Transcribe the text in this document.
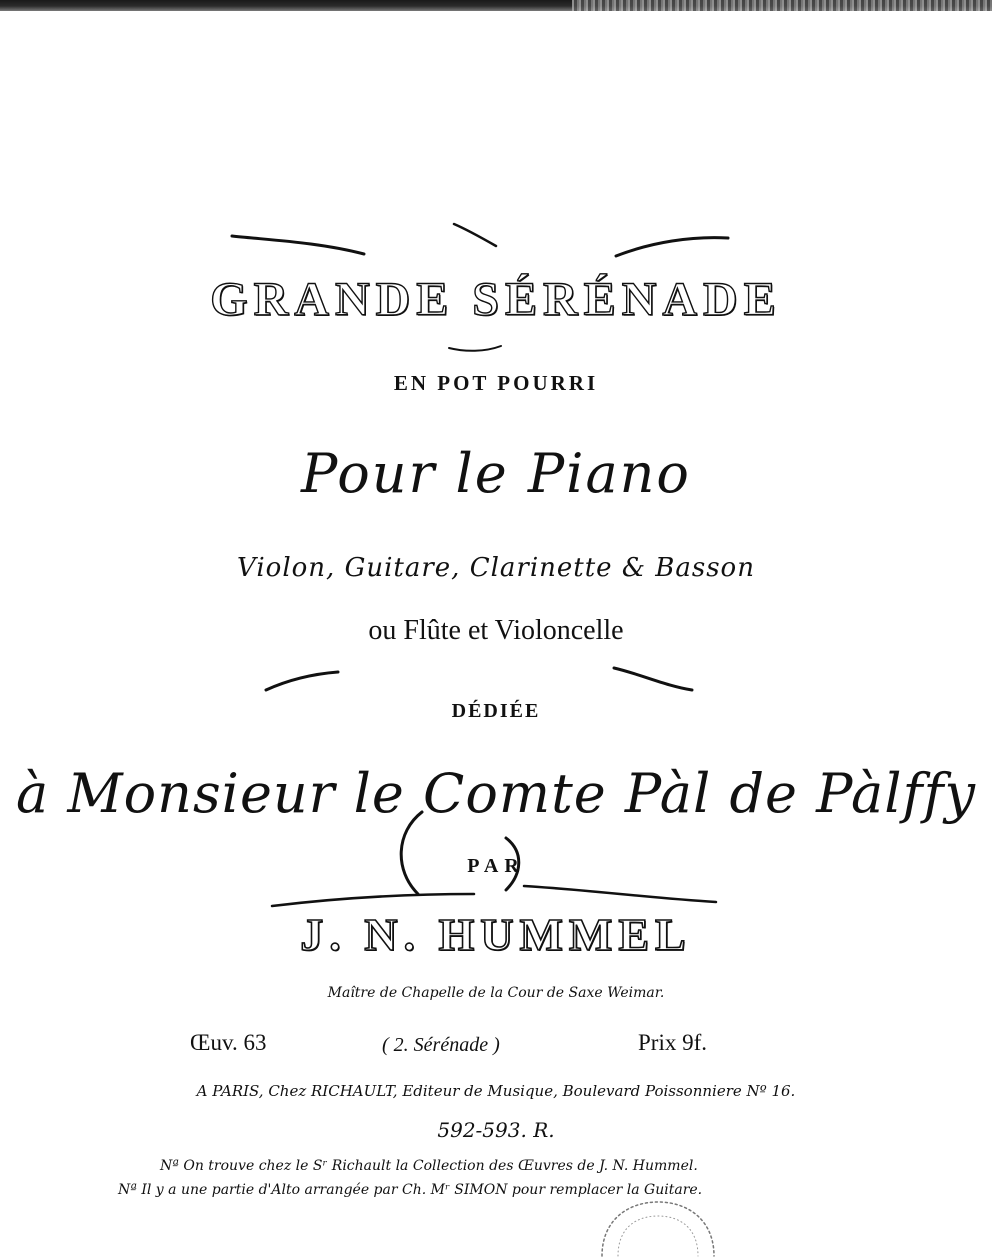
GRANDE SÉRÉNADE
EN POT POURRI
Pour le Piano
Violon, Guitare, Clarinette & Basson
ou Flûte et Violoncelle
DÉDIÉE
à Monsieur le Comte Pàl de Pàlffy
PAR
J. N. HUMMEL
Maître de Chapelle de la Cour de Saxe Weimar.
Œuv. 63	( 2. Sérénade )	Prix 9f.
A PARIS, Chez RICHAULT, Editeur de Musique, Boulevard Poissonniere Nº 16.
592-593. R.
Nª On trouve chez le Sʳ Richault la Collection des Œuvres de J. N. Hummel.
Nª Il y a une partie d'Alto arrangée par Ch. Mʳ SIMON pour remplacer la Guitare.
